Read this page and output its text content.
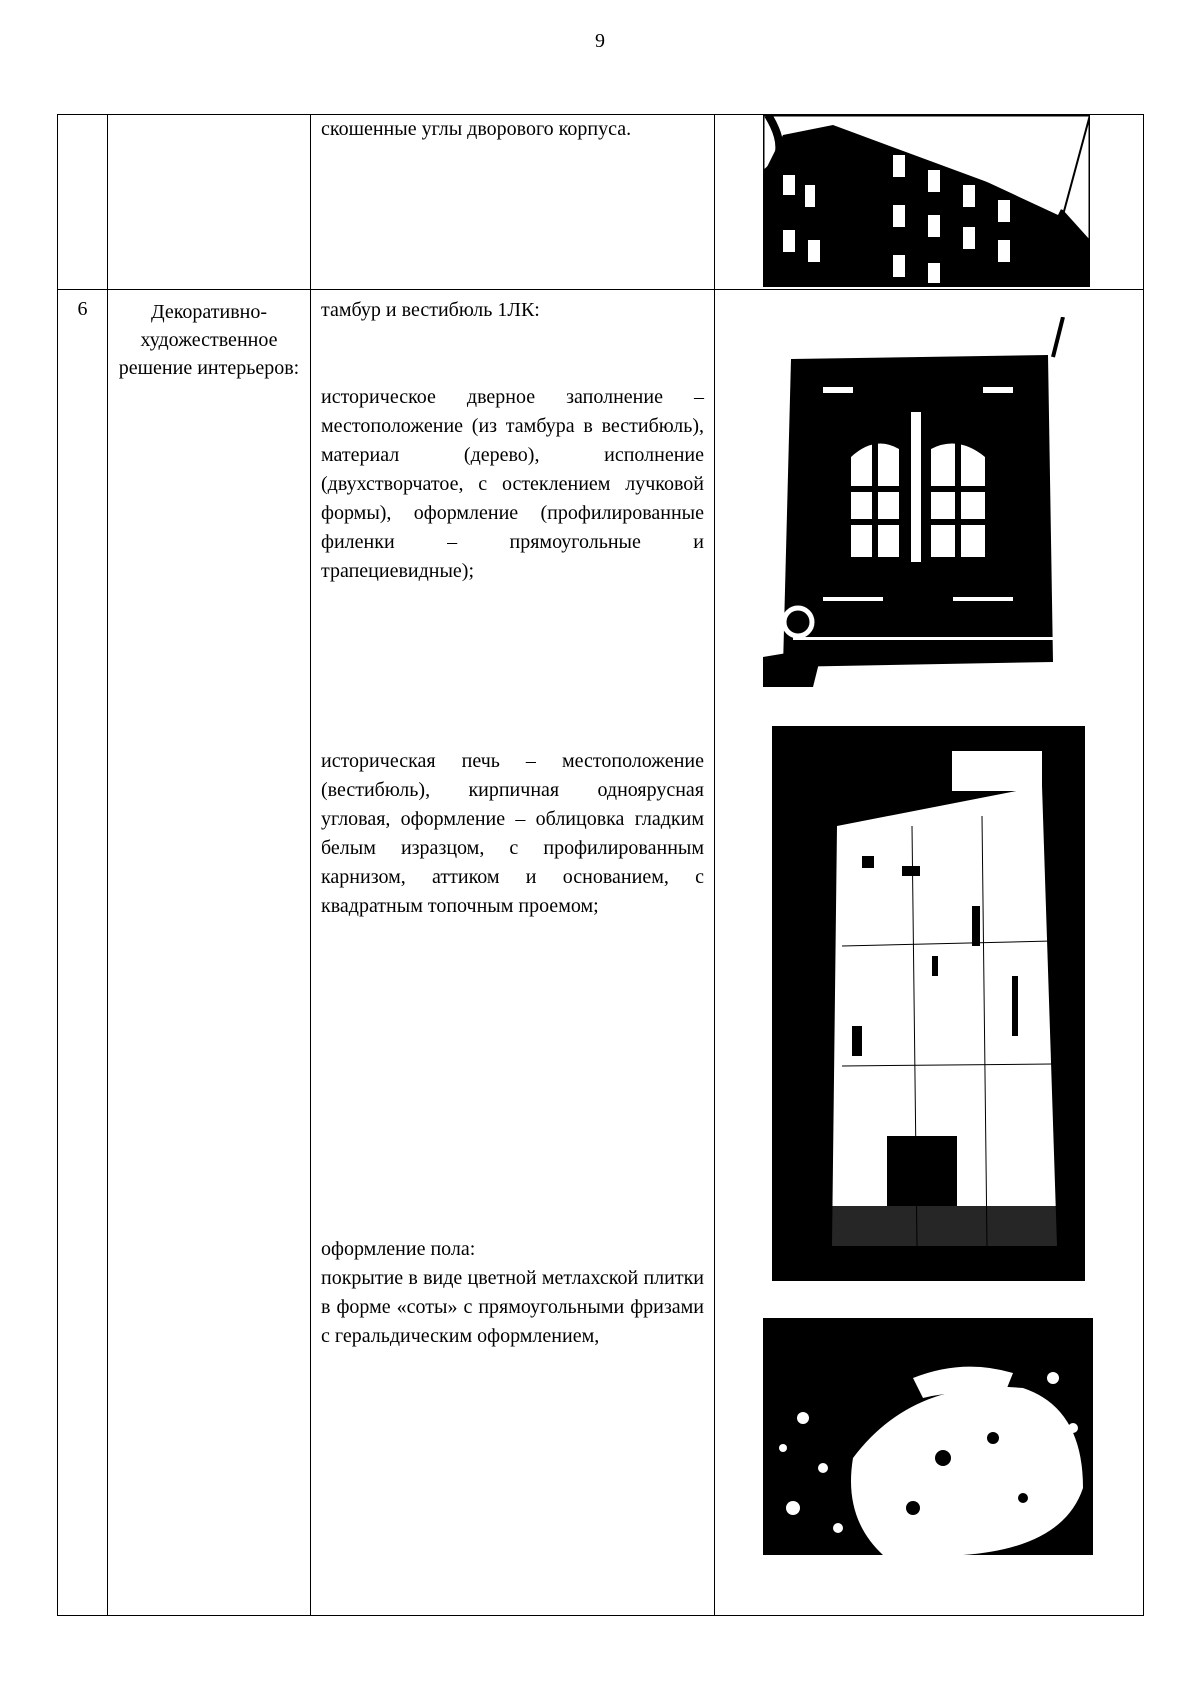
9

		скошенные углы дворового корпуса.

6	Декоративно-художественное решение интерьеров:	тамбур и вестибюль 1ЛК:

историческое дверное заполнение – местоположение (из тамбура в вестибюль), материал (дерево), исполнение (двухстворчатое, с остеклением лучковой формы), оформление (профилированные филенки – прямоугольные и трапециевидные);

историческая печь – местоположение (вестибюль), кирпичная одноярусная угловая, оформление – облицовка гладким белым изразцом, с профилированным карнизом, аттиком и основанием, с квадратным топочным проемом;

оформление пола:

покрытие в виде цветной метлахской плитки в форме «соты» с прямоугольными фризами с геральдическим оформлением,
